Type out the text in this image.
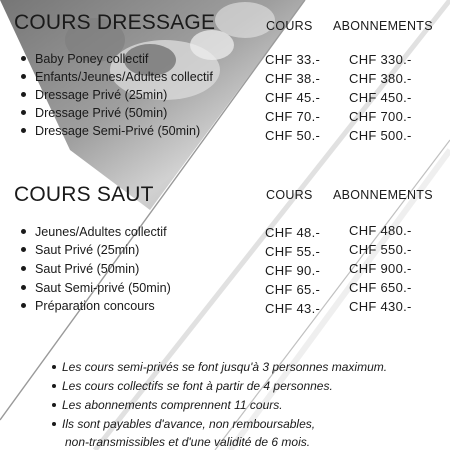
COURS DRESSAGE	COURS ABONNEMENTS
Baby Poney collectif
Enfants/Jeunes/Adultes collectif
Dressage Privé (25min)
Dressage Privé (50min)
Dressage Semi-Privé (50min)
CHF 33.-
CHF 38.-
CHF 45.-
CHF 70.-
CHF 50.-
CHF 330.-
CHF 380.-
CHF 450.-
CHF 700.-
CHF 500.-
COURS SAUT	COURS ABONNEMENTS
Jeunes/Adultes collectif
Saut Privé (25min)
Saut Privé (50min)
Saut Semi-privé (50min)
Préparation concours
CHF 48.-
CHF 55.-
CHF 90.-
CHF 65.-
CHF 43.-
CHF 480.-
CHF 550.-
CHF 900.-
CHF 650.-
CHF 430.-
Les cours semi-privés se font jusqu'à 3 personnes maximum.
Les cours collectifs se font à partir de 4 personnes.
Les abonnements comprennent 11 cours.
Ils sont payables d'avance, non remboursables,
non-transmissibles et d'une validité de 6 mois.
